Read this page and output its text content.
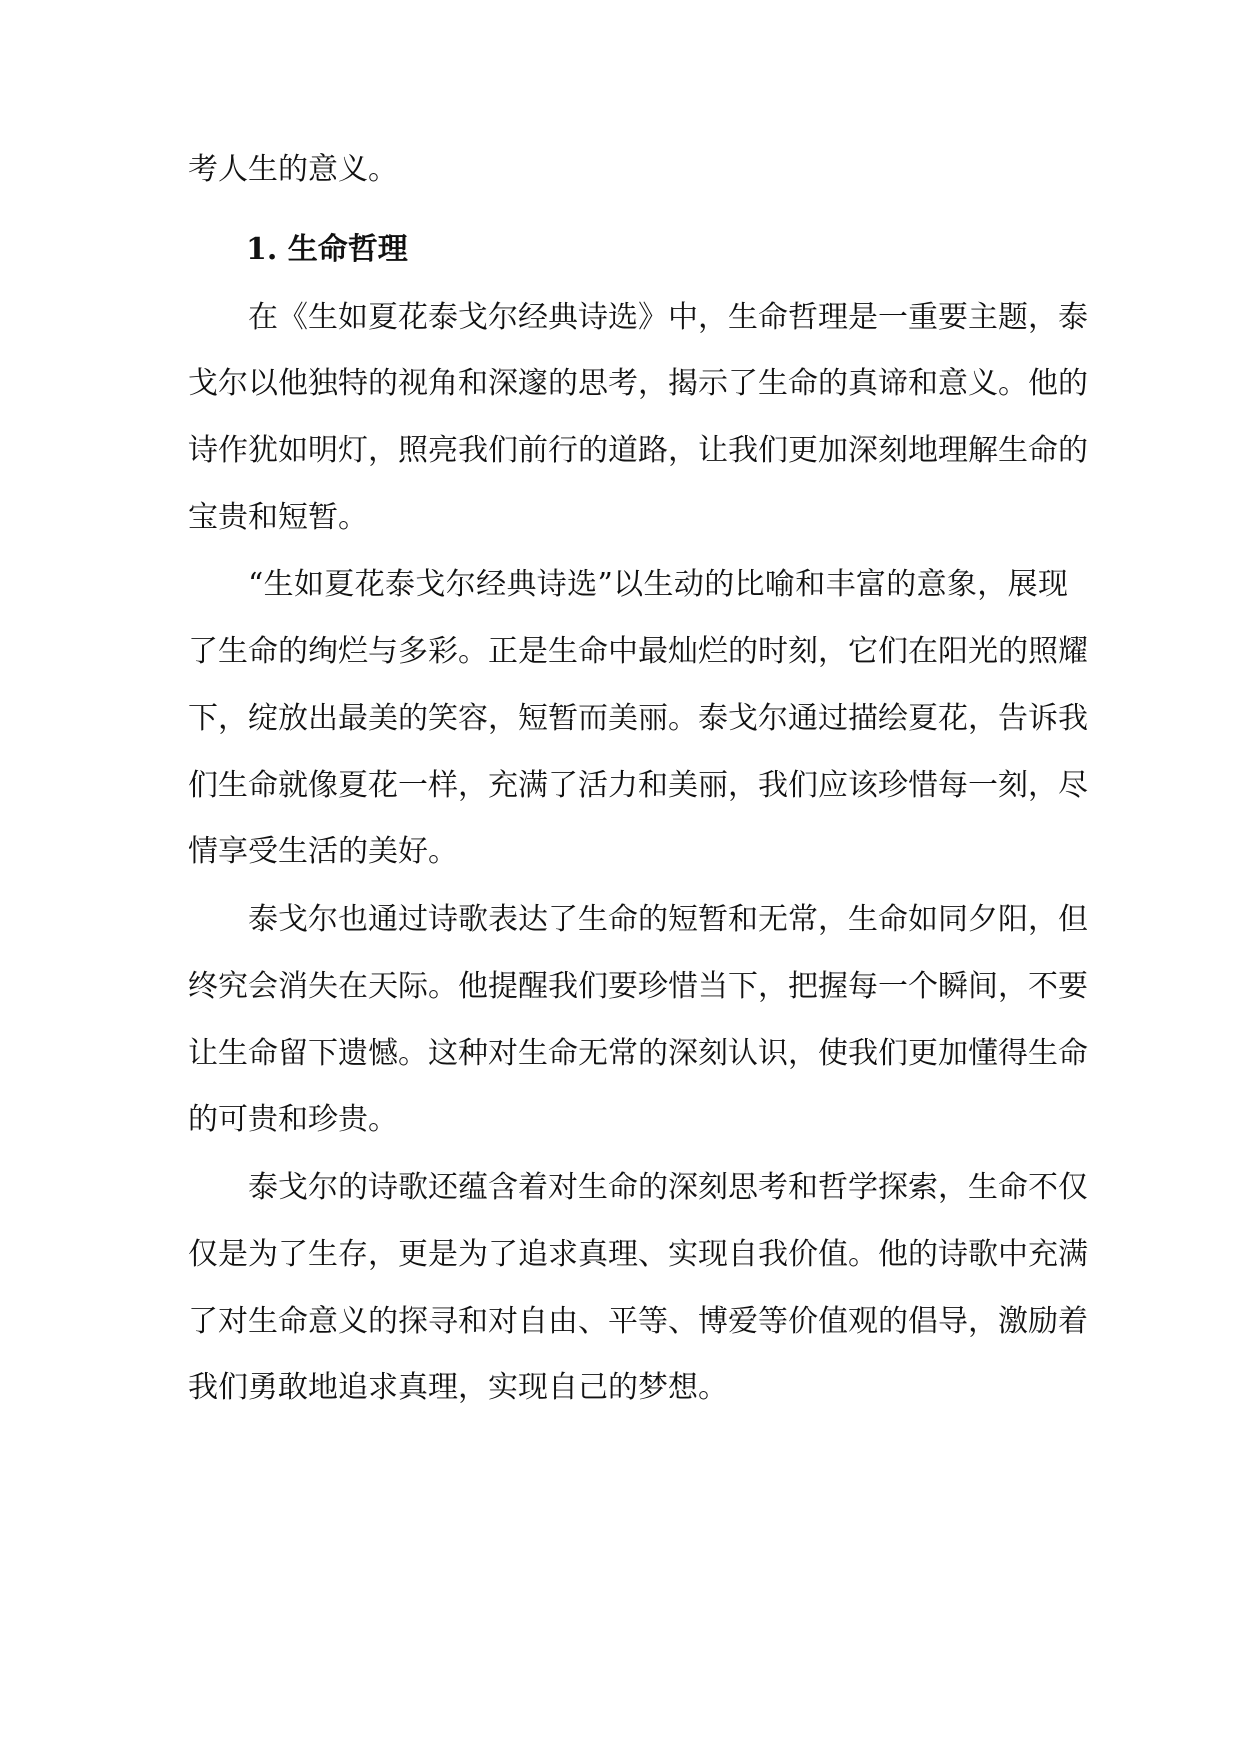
考人生的意义。
1. 生命哲理
在《生如夏花泰戈尔经典诗选》中，生命哲理是一重要主题，泰
戈尔以他独特的视角和深邃的思考，揭示了生命的真谛和意义。他的
诗作犹如明灯，照亮我们前行的道路，让我们更加深刻地理解生命的
宝贵和短暂。
“生如夏花泰戈尔经典诗选”以生动的比喻和丰富的意象，展现
了生命的绚烂与多彩。正是生命中最灿烂的时刻，它们在阳光的照耀
下，绽放出最美的笑容，短暂而美丽。泰戈尔通过描绘夏花，告诉我
们生命就像夏花一样，充满了活力和美丽，我们应该珍惜每一刻，尽
情享受生活的美好。
泰戈尔也通过诗歌表达了生命的短暂和无常，生命如同夕阳，但
终究会消失在天际。他提醒我们要珍惜当下，把握每一个瞬间，不要
让生命留下遗憾。这种对生命无常的深刻认识，使我们更加懂得生命
的可贵和珍贵。
泰戈尔的诗歌还蕴含着对生命的深刻思考和哲学探索，生命不仅
仅是为了生存，更是为了追求真理、实现自我价值。他的诗歌中充满
了对生命意义的探寻和对自由、平等、博爱等价值观的倡导，激励着
我们勇敢地追求真理，实现自己的梦想。
